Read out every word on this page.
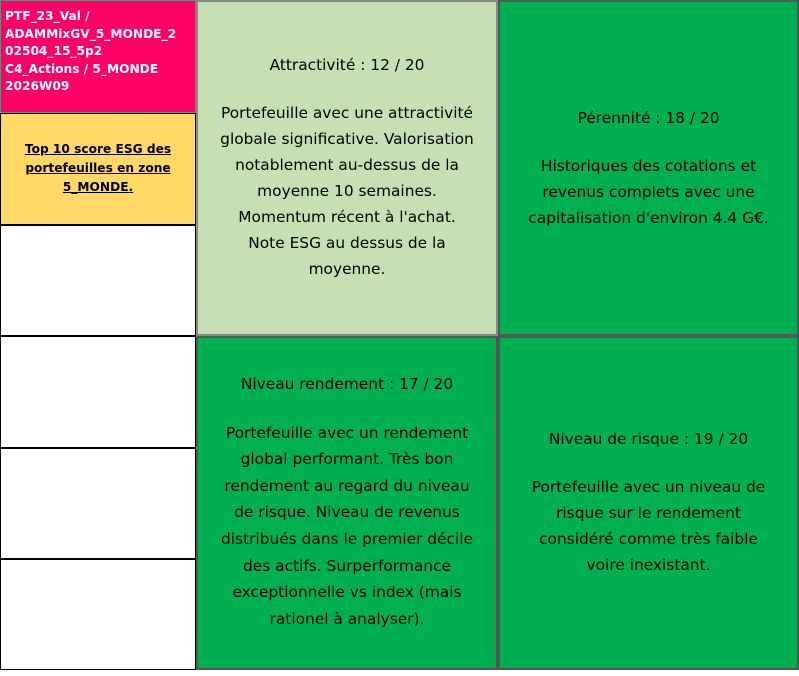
PTF_23_Val /
ADAMMixGV_5_MONDE_2
02504_15_5p2
C4_Actions / 5_MONDE
2026W09
Top 10 score ESG des
portefeuilles en zone
5_MONDE.
Attractivité : 12 / 20
Portefeuille avec une attractivité
globale significative. Valorisation
notablement au-dessus de la
moyenne 10 semaines.
Momentum récent à l'achat.
Note ESG au dessus de la
moyenne.
Pérennité : 18 / 20
Historiques des cotations et
revenus complets avec une
capitalisation d'environ 4.4 G€.
Niveau rendement : 17 / 20
Portefeuille avec un rendement
global performant. Très bon
rendement au regard du niveau
de risque. Niveau de revenus
distribués dans le premier décile
des actifs. Surperformance
exceptionnelle vs index (mais
rationel à analyser).
Niveau de risque : 19 / 20
Portefeuille avec un niveau de
risque sur le rendement
considéré comme très faible
voire inexistant.
